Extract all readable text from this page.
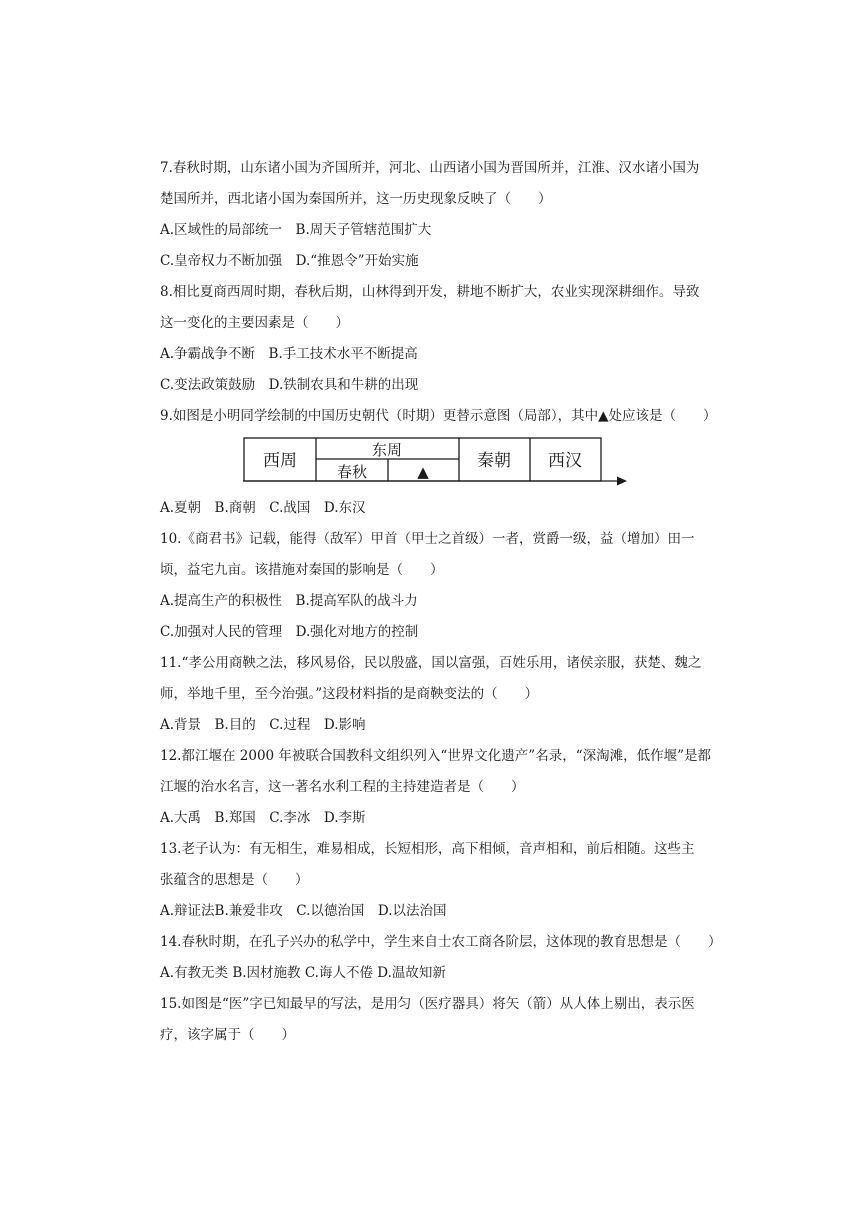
7.春秋时期，山东诸小国为齐国所并，河北、山西诸小国为晋国所并，江淮、汉水诸小国为

楚国所并，西北诸小国为秦国所并，这一历史现象反映了（　　）

A.区域性的局部统一　B.周天子管辖范围扩大

C.皇帝权力不断加强　D.“推恩令”开始实施

8.相比夏商西周时期，春秋后期，山林得到开发，耕地不断扩大，农业实现深耕细作。导致

这一变化的主要因素是（　　）

A.争霸战争不断　B.手工技术水平不断提高

C.变法政策鼓励　D.铁制农具和牛耕的出现

9.如图是小明同学绘制的中国历史朝代（时期）更替示意图（局部），其中▲处应该是（　　）

西周
东周
春秋	▲
秦朝 西汉

A.夏朝　B.商朝　C.战国　D.东汉

10.《商君书》记载，能得（敌军）甲首（甲士之首级）一者，赏爵一级，益（增加）田一

顷，益宅九亩。该措施对秦国的影响是（　　）

A.提高生产的积极性　B.提高军队的战斗力

C.加强对人民的管理　D.强化对地方的控制

11.“孝公用商鞅之法，移风易俗，民以殷盛，国以富强，百姓乐用，诸侯亲服，获楚、魏之

师，举地千里，至今治强。”这段材料指的是商鞅变法的（　　）

A.背景　B.目的　C.过程　D.影响

12.都江堰在 2000 年被联合国教科文组织列入“世界文化遗产”名录，“深淘滩，低作堰”是都

江堰的治水名言，这一著名水利工程的主持建造者是（　　）

A.大禹　B.郑国　C.李冰　D.李斯

13.老子认为：有无相生，难易相成，长短相形，高下相倾，音声相和，前后相随。这些主

张蕴含的思想是（　　）

A.辩证法B.兼爱非攻　C.以德治国　D.以法治国

14.春秋时期，在孔子兴办的私学中，学生来自士农工商各阶层，这体现的教育思想是（　　）

A.有教无类 B.因材施教 C.诲人不倦 D.温故知新

15.如图是“医”字已知最早的写法，是用匀（医疗器具）将矢（箭）从人体上剔出，表示医

疗，该字属于（　　）
